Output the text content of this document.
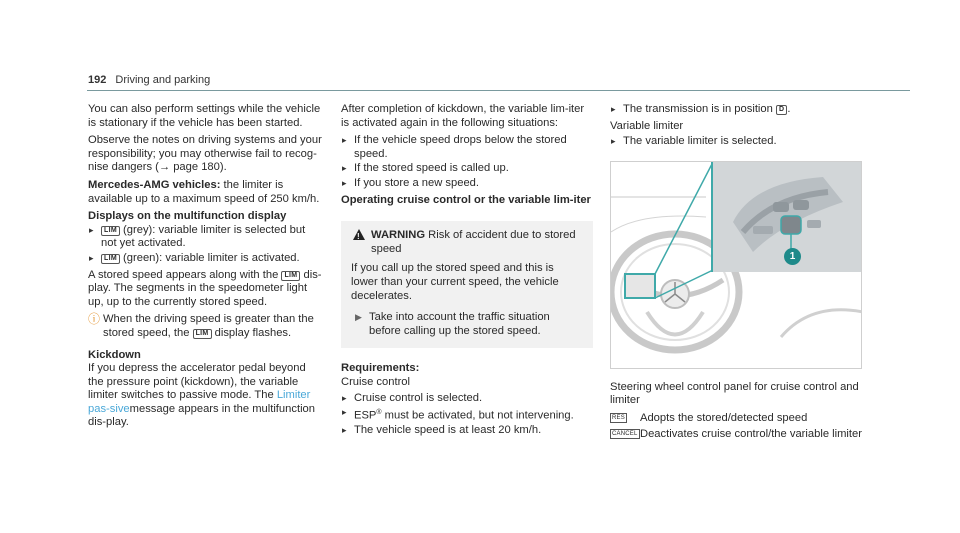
192 Driving and parking

You can also perform settings while the vehicle is stationary if the vehicle has been started.

Observe the notes on driving systems and your responsibility; you may otherwise fail to recog-nise dangers (→ page 180).

Mercedes-AMG vehicles: the limiter is available up to a maximum speed of 250 km/h.

Displays on the multifunction display
▸ LIM (grey): variable limiter is selected but not yet activated.
▸ LIM (green): variable limiter is activated.

A stored speed appears along with the LIM dis-play. The segments in the speedometer light up, up to the currently stored speed.

ⓘ When the driving speed is greater than the stored speed, the LIM display flashes.
Kickdown

If you depress the accelerator pedal beyond the pressure point (kickdown), the variable limiter switches to passive mode. The Limiter pas-sivemessage appears in the multifunction dis-play.

After completion of kickdown, the variable lim-iter is activated again in the following situations:

▸ If the vehicle speed drops below the stored speed.
▸ If the stored speed is called up.
▸ If you store a new speed.
Operating cruise control or the variable lim-iter
!
WARNING Risk of accident due to stored speed
If you call up the stored speed and this is lower than your current speed, the vehicle decelerates.
▶ Take into account the traffic situation before calling up the stored speed.
Requirements:

Cruise control

▸ Cruise control is selected.
▸ ESP® must be activated, but not intervening.
▸ The vehicle speed is at least 20 km/h.
▸ The transmission is in position D .

Variable limiter

▸ The variable limiter is selected.
1

Steering wheel control panel for cruise control and limiter

RES Adopts the stored/detected speed
CANCEL Deactivates cruise control/the variable limiter
